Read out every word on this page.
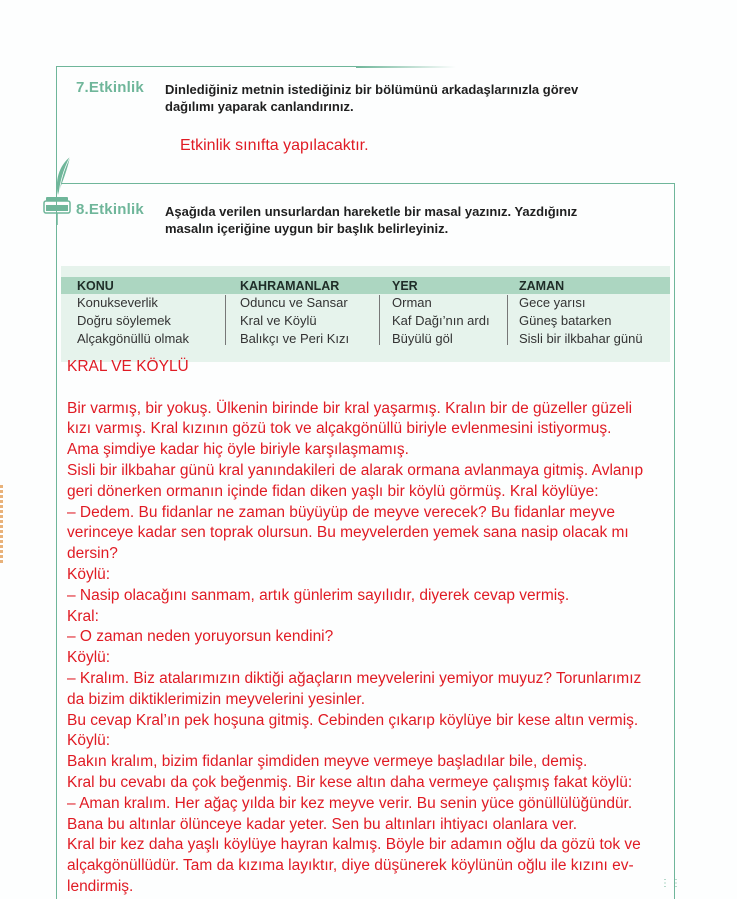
7.Etkinlik Dinlediğiniz metnin istediğiniz bir bölümünü arkadaşlarınızla görev
dağılımı yaparak canlandırınız.
Etkinlik sınıfta yapılacaktır.
8.Etkinlik Aşağıda verilen unsurlardan hareketle bir masal yazınız. Yazdığınız
masalın içeriğine uygun bir başlık belirleyiniz.
KONU
Konukseverlik
Doğru söylemek
Alçakgönüllü olmak
KAHRAMANLAR
Oduncu ve Sansar
Kral ve Köylü
Balıkçı ve Peri Kızı
YER
Orman
Kaf Dağı’nın ardı
Büyülü göl
ZAMAN
Gece yarısı
Güneş batarken
Sisli bir ilkbahar günü

KRAL VE KÖYLÜ

Bir varmış, bir yokuş. Ülkenin birinde bir kral yaşarmış. Kralın bir de güzeller güzeli

kızı varmış. Kral kızının gözü tok ve alçakgönüllü biriyle evlenmesini istiyormuş.

Ama şimdiye kadar hiç öyle biriyle karşılaşmamış.

Sisli bir ilkbahar günü kral yanındakileri de alarak ormana avlanmaya gitmiş. Avlanıp

geri dönerken ormanın içinde fidan diken yaşlı bir köylü görmüş. Kral köylüye:

– Dedem. Bu fidanlar ne zaman büyüyüp de meyve verecek? Bu fidanlar meyve

verinceye kadar sen toprak olursun. Bu meyvelerden yemek sana nasip olacak mı

dersin?

Köylü:

– Nasip olacağını sanmam, artık günlerim sayılıdır, diyerek cevap vermiş.

Kral:

– O zaman neden yoruyorsun kendini?

Köylü:

– Kralım. Biz atalarımızın diktiği ağaçların meyvelerini yemiyor muyuz? Torunlarımız

da bizim diktiklerimizin meyvelerini yesinler.

Bu cevap Kral’ın pek hoşuna gitmiş. Cebinden çıkarıp köylüye bir kese altın vermiş.

Köylü:

Bakın kralım, bizim fidanlar şimdiden meyve vermeye başladılar bile, demiş.

Kral bu cevabı da çok beğenmiş. Bir kese altın daha vermeye çalışmış fakat köylü:

– Aman kralım. Her ağaç yılda bir kez meyve verir. Bu senin yüce gönüllülüğündür.

Bana bu altınlar ölünceye kadar yeter. Sen bu altınları ihtiyacı olanlara ver.

Kral bir kez daha yaşlı köylüye hayran kalmış. Böyle bir adamın oğlu da gözü tok ve

alçakgönüllüdür. Tam da kızıma layıktır, diye düşünerek köylünün oğlu ile kızını ev-

lendirmiş.	⋮⋮
